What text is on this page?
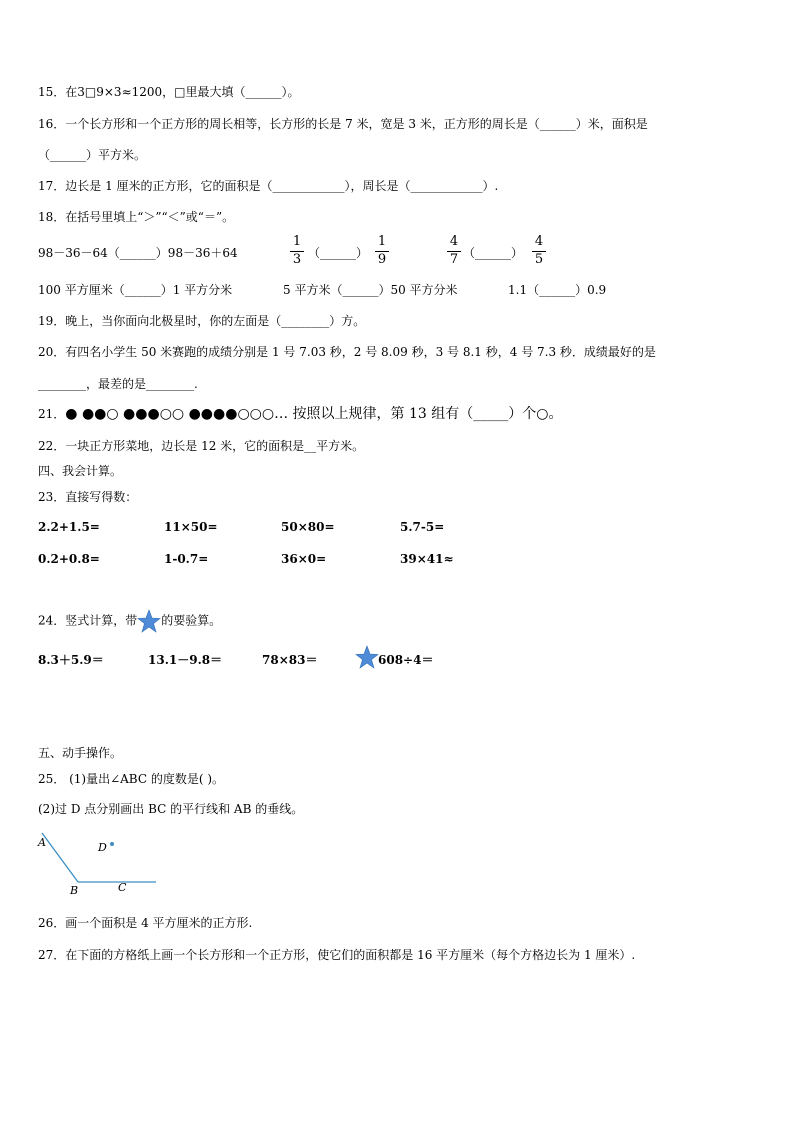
15．在3□9×3≈1200，□里最大填（______）。
16．一个长方形和一个正方形的周长相等，长方形的长是 7 米，宽是 3 米，正方形的周长是（______）米，面积是
（______）平方米。
17．边长是 1 厘米的正方形，它的面积是（____________），周长是（____________）.
18．在括号里填上“＞”“＜”或“＝”。
98－36－64（______）98－36＋64
1
3 （______）
1
9
4
7 （______）
4
5
100 平方厘米（______）1 平方分米	5 平方米（______）50 平方分米	1.1（______）0.9
19．晚上，当你面向北极星时，你的左面是（________）方。
20．有四名小学生 50 米赛跑的成绩分别是 1 号 7.03 秒，2 号 8.09 秒，3 号 8.1 秒，4 号 7.3 秒．成绩最好的是
________，最差的是________.
21．● ●●○ ●●●○○ ●●●●○○○… 按照以上规律，第 13 组有（_____）个○。
22．一块正方形菜地，边长是 12 米，它的面积是__平方米。
四、我会计算。
23．直接写得数：
2.2+1.5=	11×50=	50×80=	5.7-5=
0.2+0.8=	1-0.7=	36×0=	39×41≈
24．竖式计算，带 的要验算。
8.3＋5.9＝	13.1－9.8＝	78×83＝	608÷4＝
五、动手操作。
25． (1)量出∠ABC 的度数是( )。
(2)过 D 点分别画出 BC 的平行线和 AB 的垂线。
A	D
B	C
26．画一个面积是 4 平方厘米的正方形.
27．在下面的方格纸上画一个长方形和一个正方形，使它们的面积都是 16 平方厘米（每个方格边长为 1 厘米）.
